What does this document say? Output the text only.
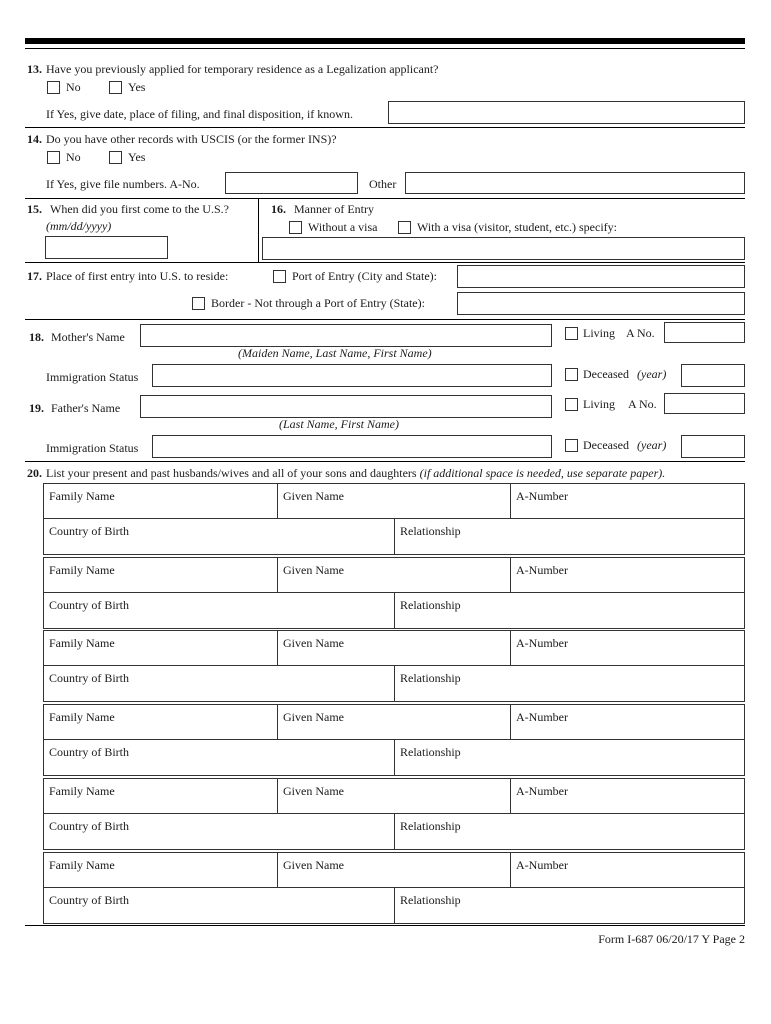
13. Have you previously applied for temporary residence as a Legalization applicant?
No	Yes
If Yes, give date, place of filing, and final disposition, if known.
14. Do you have other records with USCIS (or the former INS)?
No	Yes
If Yes, give file numbers. A-No.	Other
15. When did you first come to the U.S.?
(mm/dd/yyyy)
16. Manner of Entry
Without a visa	With a visa (visitor, student, etc.) specify:
17. Place of first entry into U.S. to reside:	Port of Entry (City and State):
Border - Not through a Port of Entry (State):
18. Mother's Name	Living A No.
(Maiden Name, Last Name, First Name)
Immigration Status	Deceased (year)
19. Father's Name	Living A No.
(Last Name, First Name)
Immigration Status	Deceased (year)
20. List your present and past husbands/wives and all of your sons and daughters (if additional space is needed, use separate paper).
Family Name	Given Name	A-Number
Country of Birth	Relationship
Family Name	Given Name	A-Number
Country of Birth	Relationship
Family Name	Given Name	A-Number
Country of Birth	Relationship
Family Name	Given Name	A-Number
Country of Birth	Relationship
Family Name	Given Name	A-Number
Country of Birth	Relationship
Family Name	Given Name	A-Number
Country of Birth	Relationship
Form I-687 06/20/17 Y Page 2
